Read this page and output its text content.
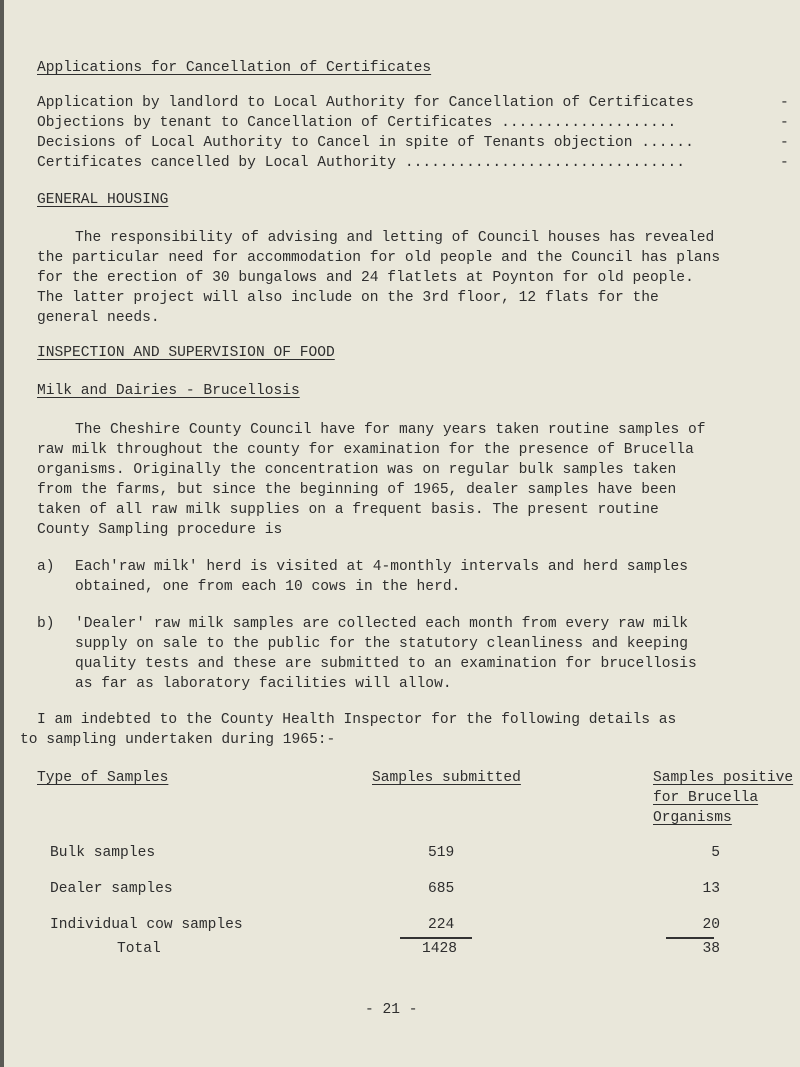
Applications for Cancellation of Certificates
Application by landlord to Local Authority for Cancellation of Certificates	-
Objections by tenant to Cancellation of Certificates ....................	-
Decisions of Local Authority to Cancel in spite of Tenants objection ......	-
Certificates cancelled by Local Authority ................................	-
GENERAL HOUSING
The responsibility of advising and letting of Council houses has revealed
the particular need for accommodation for old people and the Council has plans
for the erection of 30 bungalows and 24 flatlets at Poynton for old people.
The latter project will also include on the 3rd floor, 12 flats for the
general needs.
INSPECTION AND SUPERVISION OF FOOD
Milk and Dairies - Brucellosis
The Cheshire County Council have for many years taken routine samples of
raw milk throughout the county for examination for the presence of Brucella
organisms. Originally the concentration was on regular bulk samples taken
from the farms, but since the beginning of 1965, dealer samples have been
taken of all raw milk supplies on a frequent basis. The present routine
County Sampling procedure is
a) Each'raw milk' herd is visited at 4-monthly intervals and herd samples
obtained, one from each 10 cows in the herd.
b) 'Dealer' raw milk samples are collected each month from every raw milk
supply on sale to the public for the statutory cleanliness and keeping
quality tests and these are submitted to an examination for brucellosis
as far as laboratory facilities will allow.
I am indebted to the County Health Inspector for the following details as
to sampling undertaken during 1965:-
Type of Samples	Samples submitted	Samples positive
for Brucella
Organisms
Bulk samples	519	5
Dealer samples	685	13
Individual cow samples	224	20
Total	1428	38
- 21 -
